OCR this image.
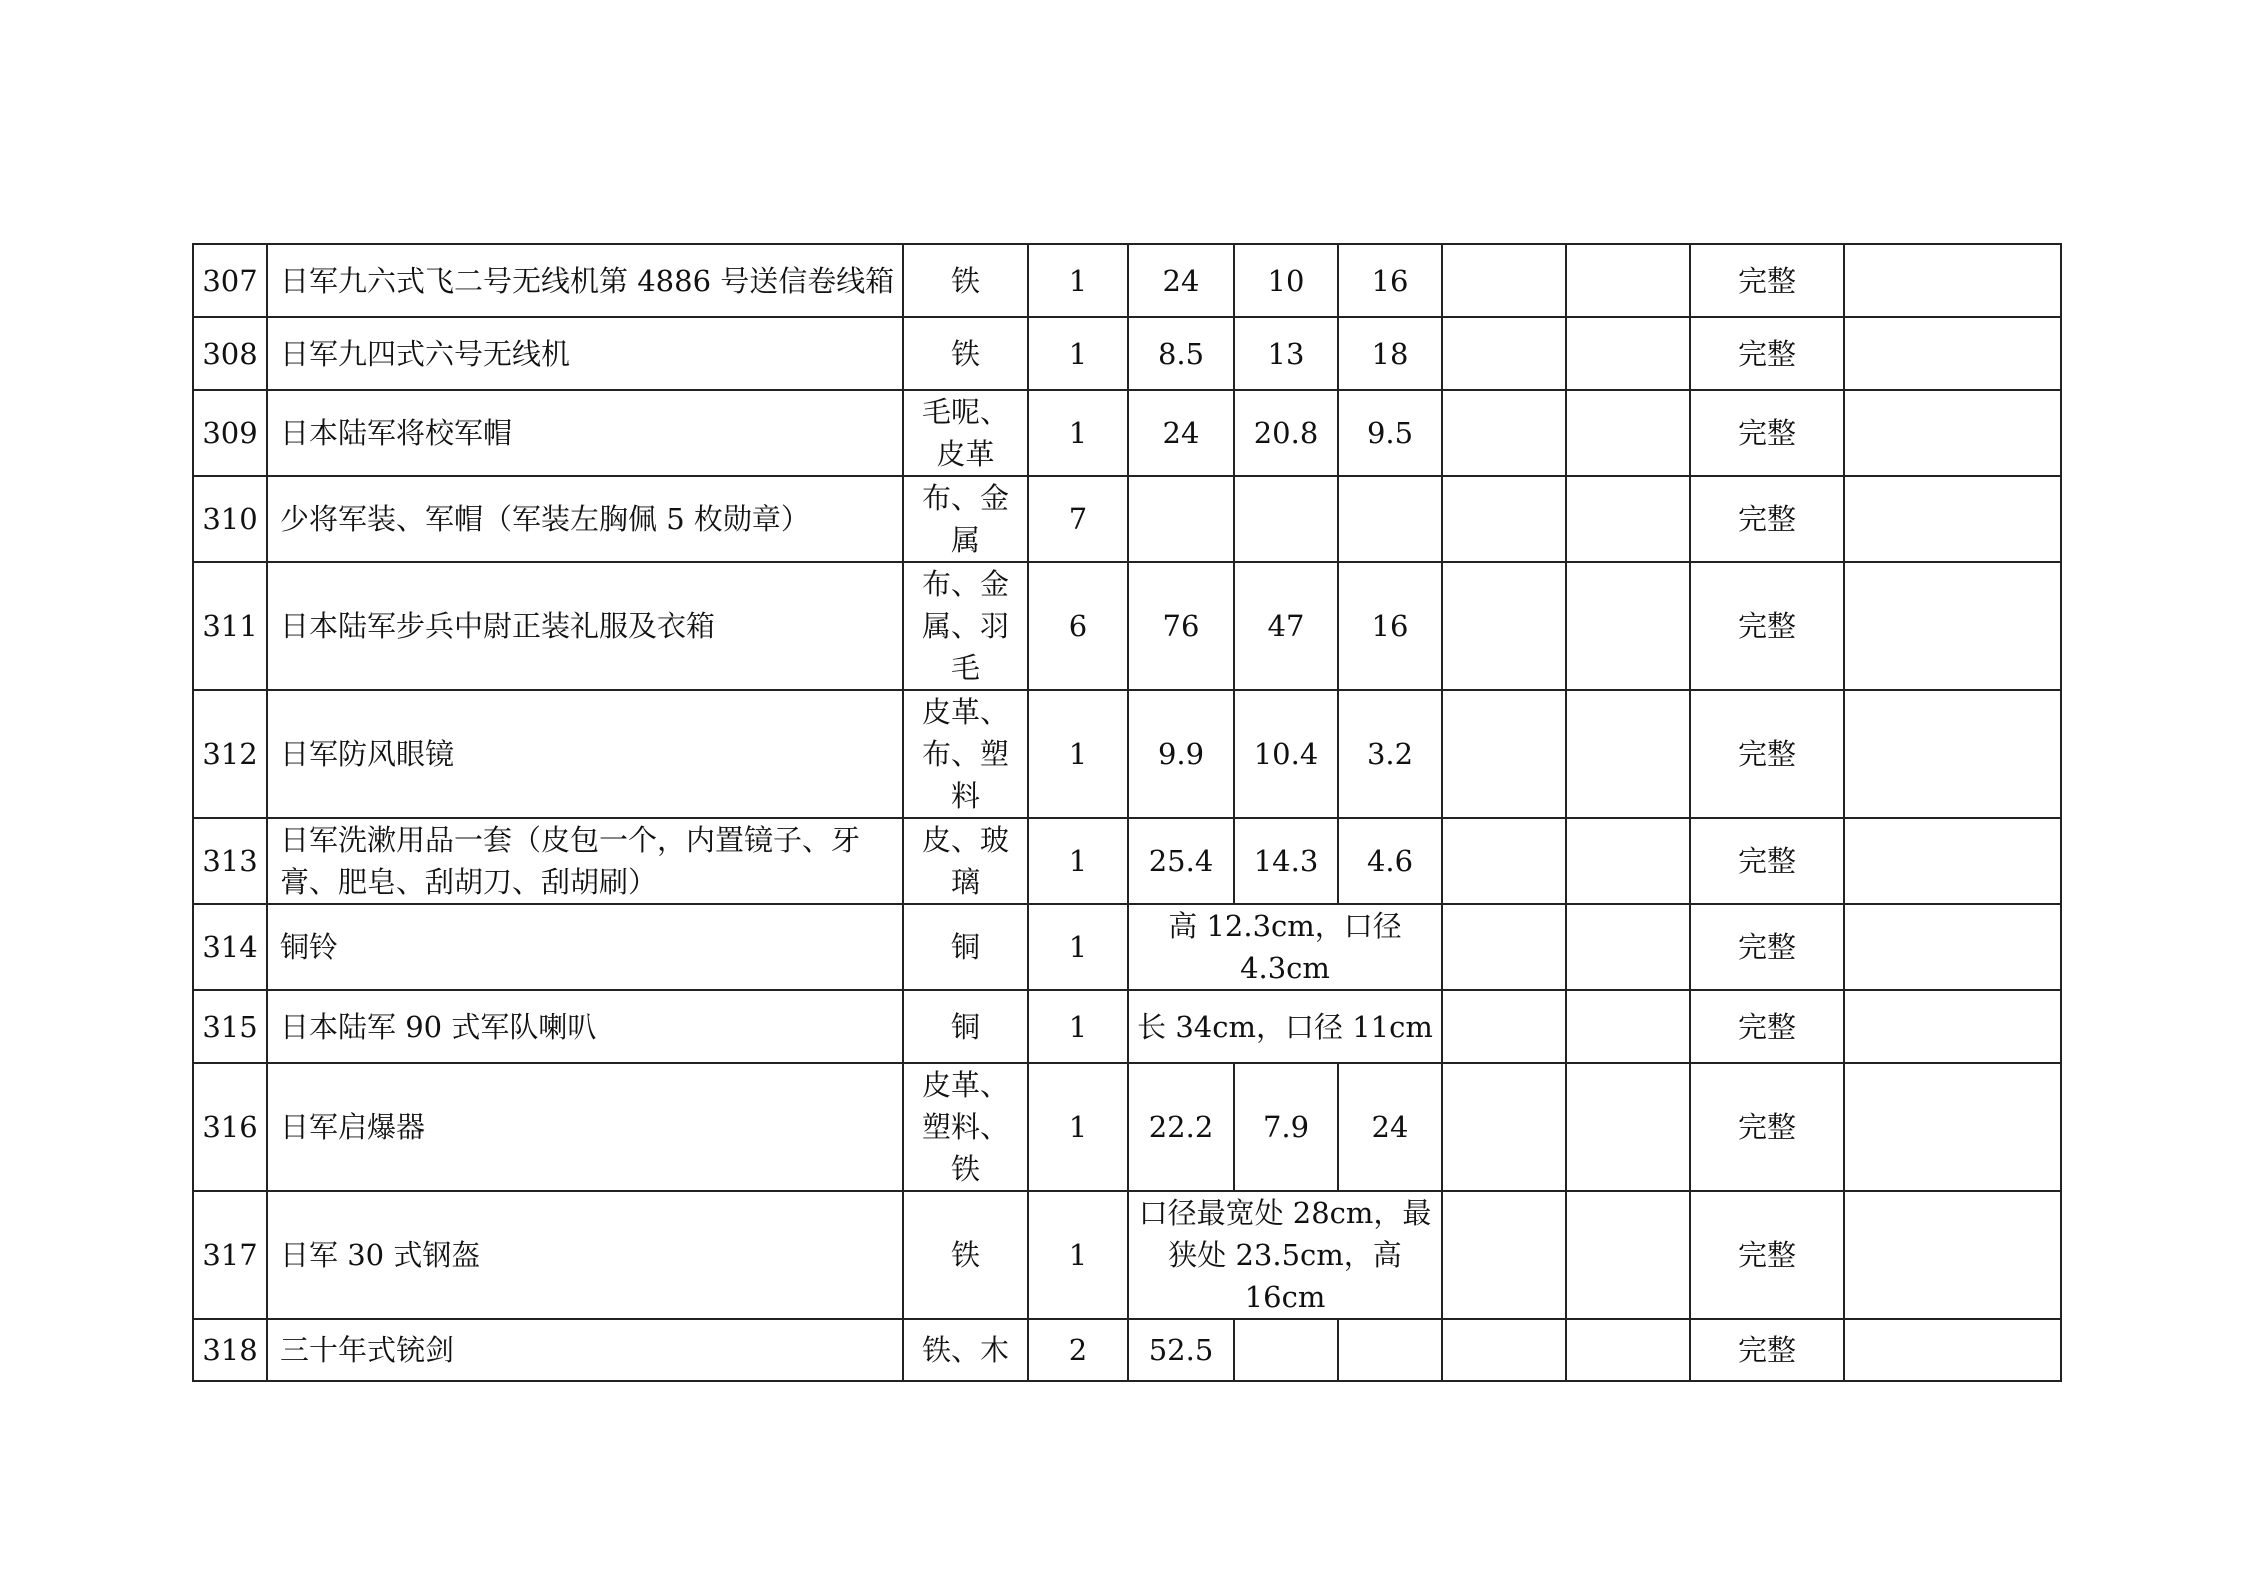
307	日军九六式飞二号无线机第 4886 号送信卷线箱	铁	1	24	10	16			完整	
308	日军九四式六号无线机	铁	1	8.5	13	18			完整	
309	日本陆军将校军帽	毛呢、皮革	1	24	20.8	9.5			完整	
310	少将军装、军帽（军装左胸佩 5 枚勋章）	布、金属	7						完整	
311	日本陆军步兵中尉正装礼服及衣箱	布、金属、羽毛	6	76	47	16			完整	
312	日军防风眼镜	皮革、布、塑料	1	9.9	10.4	3.2			完整	
313	日军洗漱用品一套（皮包一个，内置镜子、牙膏、肥皂、刮胡刀、刮胡刷）	皮、玻璃	1	25.4	14.3	4.6			完整	
314	铜铃	铜	1	高 12.3cm，口径 4.3cm					完整	
315	日本陆军 90 式军队喇叭	铜	1	长 34cm，口径 11cm					完整	
316	日军启爆器	皮革、塑料、铁	1	22.2	7.9	24			完整	
317	日军 30 式钢盔	铁	1	口径最宽处 28cm，最狭处 23.5cm，高 16cm					完整	
318	三十年式铳剑	铁、木	2	52.5					完整	
